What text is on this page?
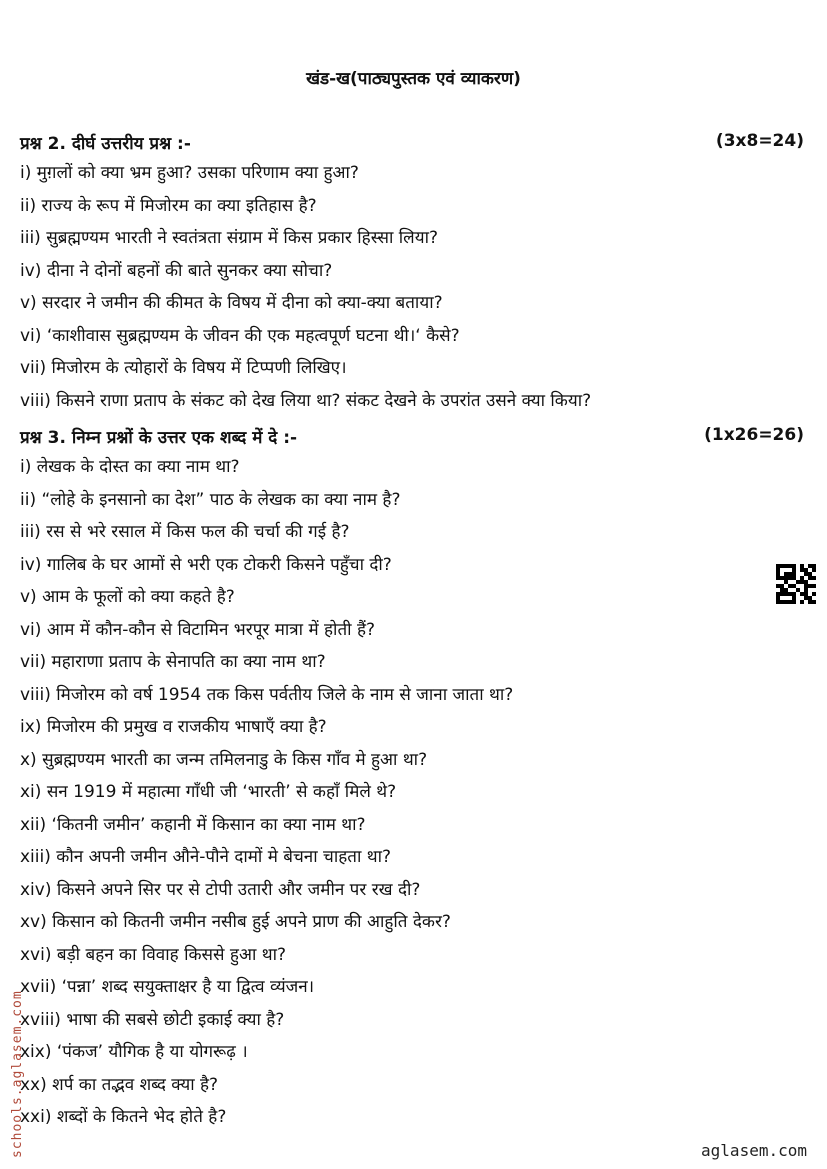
खंड-ख(पाठ्यपुस्तक एवं व्याकरण)
प्रश्न 2. दीर्घ उत्तरीय प्रश्न :-	(3x8=24)
i) मुग़लों को क्या भ्रम हुआ? उसका परिणाम क्या हुआ?
ii) राज्य के रूप में मिजोरम का क्या इतिहास है?
iii) सुब्रह्मण्यम भारती ने स्वतंत्रता संग्राम में किस प्रकार हिस्सा लिया?
iv) दीना ने दोनों बहनों की बाते सुनकर क्या सोचा?
v) सरदार ने जमीन की कीमत के विषय में दीना को क्या-क्या बताया?
vi) ‘काशीवास सुब्रह्मण्यम के जीवन की एक महत्वपूर्ण घटना थी।‘ कैसे?
vii) मिजोरम के त्योहारों के विषय में टिप्पणी लिखिए।
viii) किसने राणा प्रताप के संकट को देख लिया था? संकट देखने के उपरांत उसने क्या किया?
प्रश्न 3. निम्न प्रश्नों के उत्तर एक शब्द में दे :-	(1x26=26)
i) लेखक के दोस्त का क्या नाम था?
ii) “लोहे के इनसानो का देश” पाठ के लेखक का क्या नाम है?
iii) रस से भरे रसाल में किस फल की चर्चा की गई है?
iv) गालिब के घर आमों से भरी एक टोकरी किसने पहुँचा दी?
v) आम के फूलों को क्या कहते है?
vi) आम में कौन-कौन से विटामिन भरपूर मात्रा में होती हैं?
vii) महाराणा प्रताप के सेनापति का क्या नाम था?
viii) मिजोरम को वर्ष 1954 तक किस पर्वतीय जिले के नाम से जाना जाता था?
ix) मिजोरम की प्रमुख व राजकीय भाषाएँ क्या है?
x) सुब्रह्मण्यम भारती का जन्म तमिलनाडु के किस गाँव मे हुआ था?
xi) सन 1919 में महात्मा गाँधी जी ‘भारती’ से कहाँ मिले थे?
xii) ‘कितनी जमीन’ कहानी में किसान का क्या नाम था?
xiii) कौन अपनी जमीन औने-पौने दामों मे बेचना चाहता था?
xiv) किसने अपने सिर पर से टोपी उतारी और जमीन पर रख दी?
xv) किसान को कितनी जमीन नसीब हुई अपने प्राण की आहुति देकर?
xvi) बड़ी बहन का विवाह किससे हुआ था?
xvii) ‘पन्ना’ शब्द सयुक्ताक्षर है या द्वित्व व्यंजन।
xviii) भाषा की सबसे छोटी इकाई क्या है?
xix) ‘पंकज’ यौगिक है या योगरूढ़ ।
xx) शर्प का तद्भव शब्द क्या है?
xxi) शब्दों के कितने भेद होते है?
schools.aglasem.com	aglasem.com
